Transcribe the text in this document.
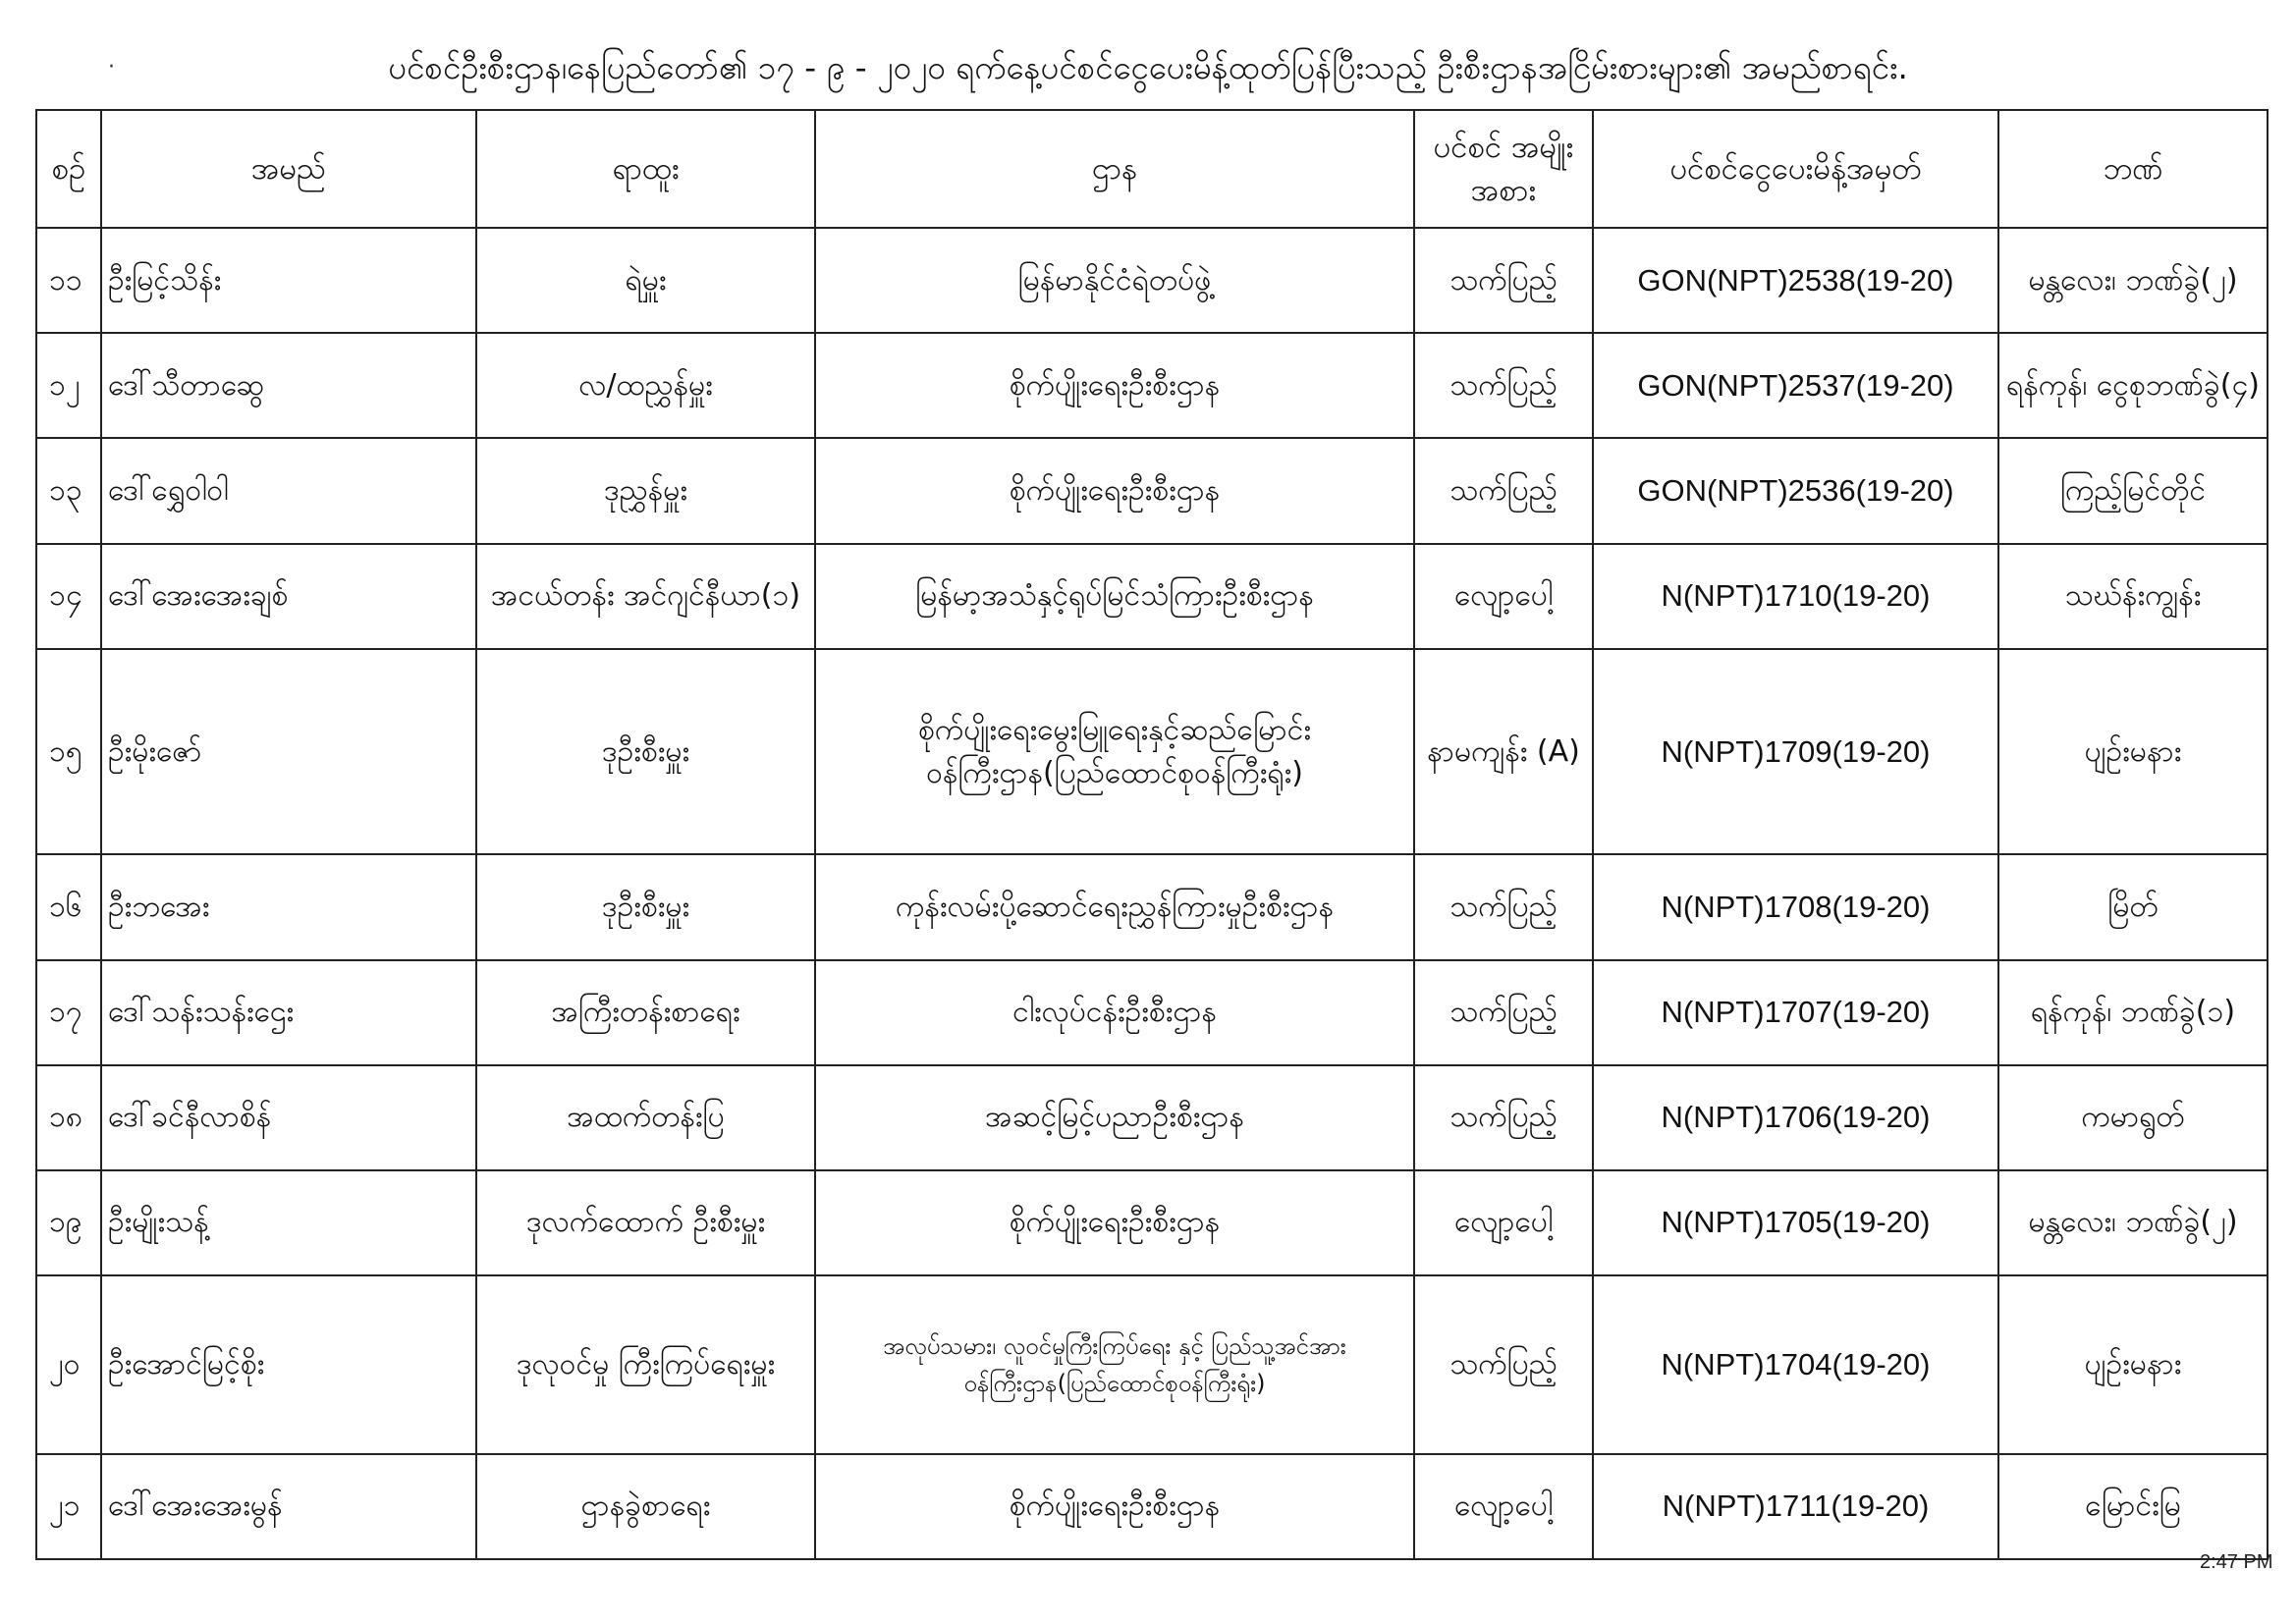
ပင်စင်ဦးစီးဌာန၊နေပြည်တော်၏ ၁၇ - ၉ - ၂၀၂၀ ရက်နေ့ပင်စင်ငွေပေးမိန့်ထုတ်ပြန်ပြီးသည့် ဦးစီးဌာနအငြိမ်းစားများ၏ အမည်စာရင်း.
·
စဉ်	အမည်	ရာထူး	ဌာန	ပင်စင် အမျိုးအစား	ပင်စင်ငွေပေးမိန့်အမှတ်	ဘဏ်
၁၁	ဦးမြင့်သိန်း	ရဲမှူး	မြန်မာနိုင်ငံရဲတပ်ဖွဲ့	သက်ပြည့်	GON(NPT)2538(19-20)	မန္တလေး၊ ဘဏ်ခွဲ(၂)
၁၂	ဒေါ်သီတာဆွေ	လ/ထညွှန်မှူး	စိုက်ပျိုးရေးဦးစီးဌာန	သက်ပြည့်	GON(NPT)2537(19-20)	ရန်ကုန်၊ ငွေစုဘဏ်ခွဲ(၄)
၁၃	ဒေါ်ရွှေဝါဝါ	ဒုညွှန်မှူး	စိုက်ပျိုးရေးဦးစီးဌာန	သက်ပြည့်	GON(NPT)2536(19-20)	ကြည့်မြင်တိုင်
၁၄	ဒေါ်အေးအေးချစ်	အငယ်တန်း အင်ဂျင်နီယာ(၁)	မြန်မာ့အသံနှင့်ရုပ်မြင်သံကြားဦးစီးဌာန	လျော့ပေါ့	N(NPT)1710(19-20)	သဃ်န်းကျွန်း
၁၅	ဦးမိုးဇော်	ဒုဦးစီးမှူး	စိုက်ပျိုးရေးမွေးမြူရေးနှင့်ဆည်မြောင်း ဝန်ကြီးဌာန(ပြည်ထောင်စုဝန်ကြီးရုံး)	နာမကျန်း (A)	N(NPT)1709(19-20)	ပျဉ်းမနား
၁၆	ဦးဘအေး	ဒုဦးစီးမှူး	ကုန်းလမ်းပို့ဆောင်ရေးညွှန်ကြားမှုဦးစီးဌာန	သက်ပြည့်	N(NPT)1708(19-20)	မြိတ်
၁၇	ဒေါ်သန်းသန်းဌေး	အကြီးတန်းစာရေး	ငါးလုပ်ငန်းဦးစီးဌာန	သက်ပြည့်	N(NPT)1707(19-20)	ရန်ကုန်၊ ဘဏ်ခွဲ(၁)
၁၈	ဒေါ်ခင်နီလာစိန်	အထက်တန်းပြ	အဆင့်မြင့်ပညာဦးစီးဌာန	သက်ပြည့်	N(NPT)1706(19-20)	ကမာရွတ်
၁၉	ဦးမျိုးသန့်	ဒုလက်ထောက် ဦးစီးမှူး	စိုက်ပျိုးရေးဦးစီးဌာန	လျော့ပေါ့	N(NPT)1705(19-20)	မန္တလေး၊ ဘဏ်ခွဲ(၂)
၂၀	ဦးအောင်မြင့်စိုး	ဒုလုဝင်မှု ကြီးကြပ်ရေးမှူး	အလုပ်သမား၊ လူဝင်မှုကြီးကြပ်ရေး နှင့် ပြည်သူ့အင်အားဝန်ကြီးဌာန(ပြည်ထောင်စုဝန်ကြီးရုံး)	သက်ပြည့်	N(NPT)1704(19-20)	ပျဉ်းမနား
၂၁	ဒေါ်အေးအေးမွန်	ဌာနခွဲစာရေး	စိုက်ပျိုးရေးဦးစီးဌာန	လျော့ပေါ့	N(NPT)1711(19-20)	မြောင်းမြ
2:47 PM
